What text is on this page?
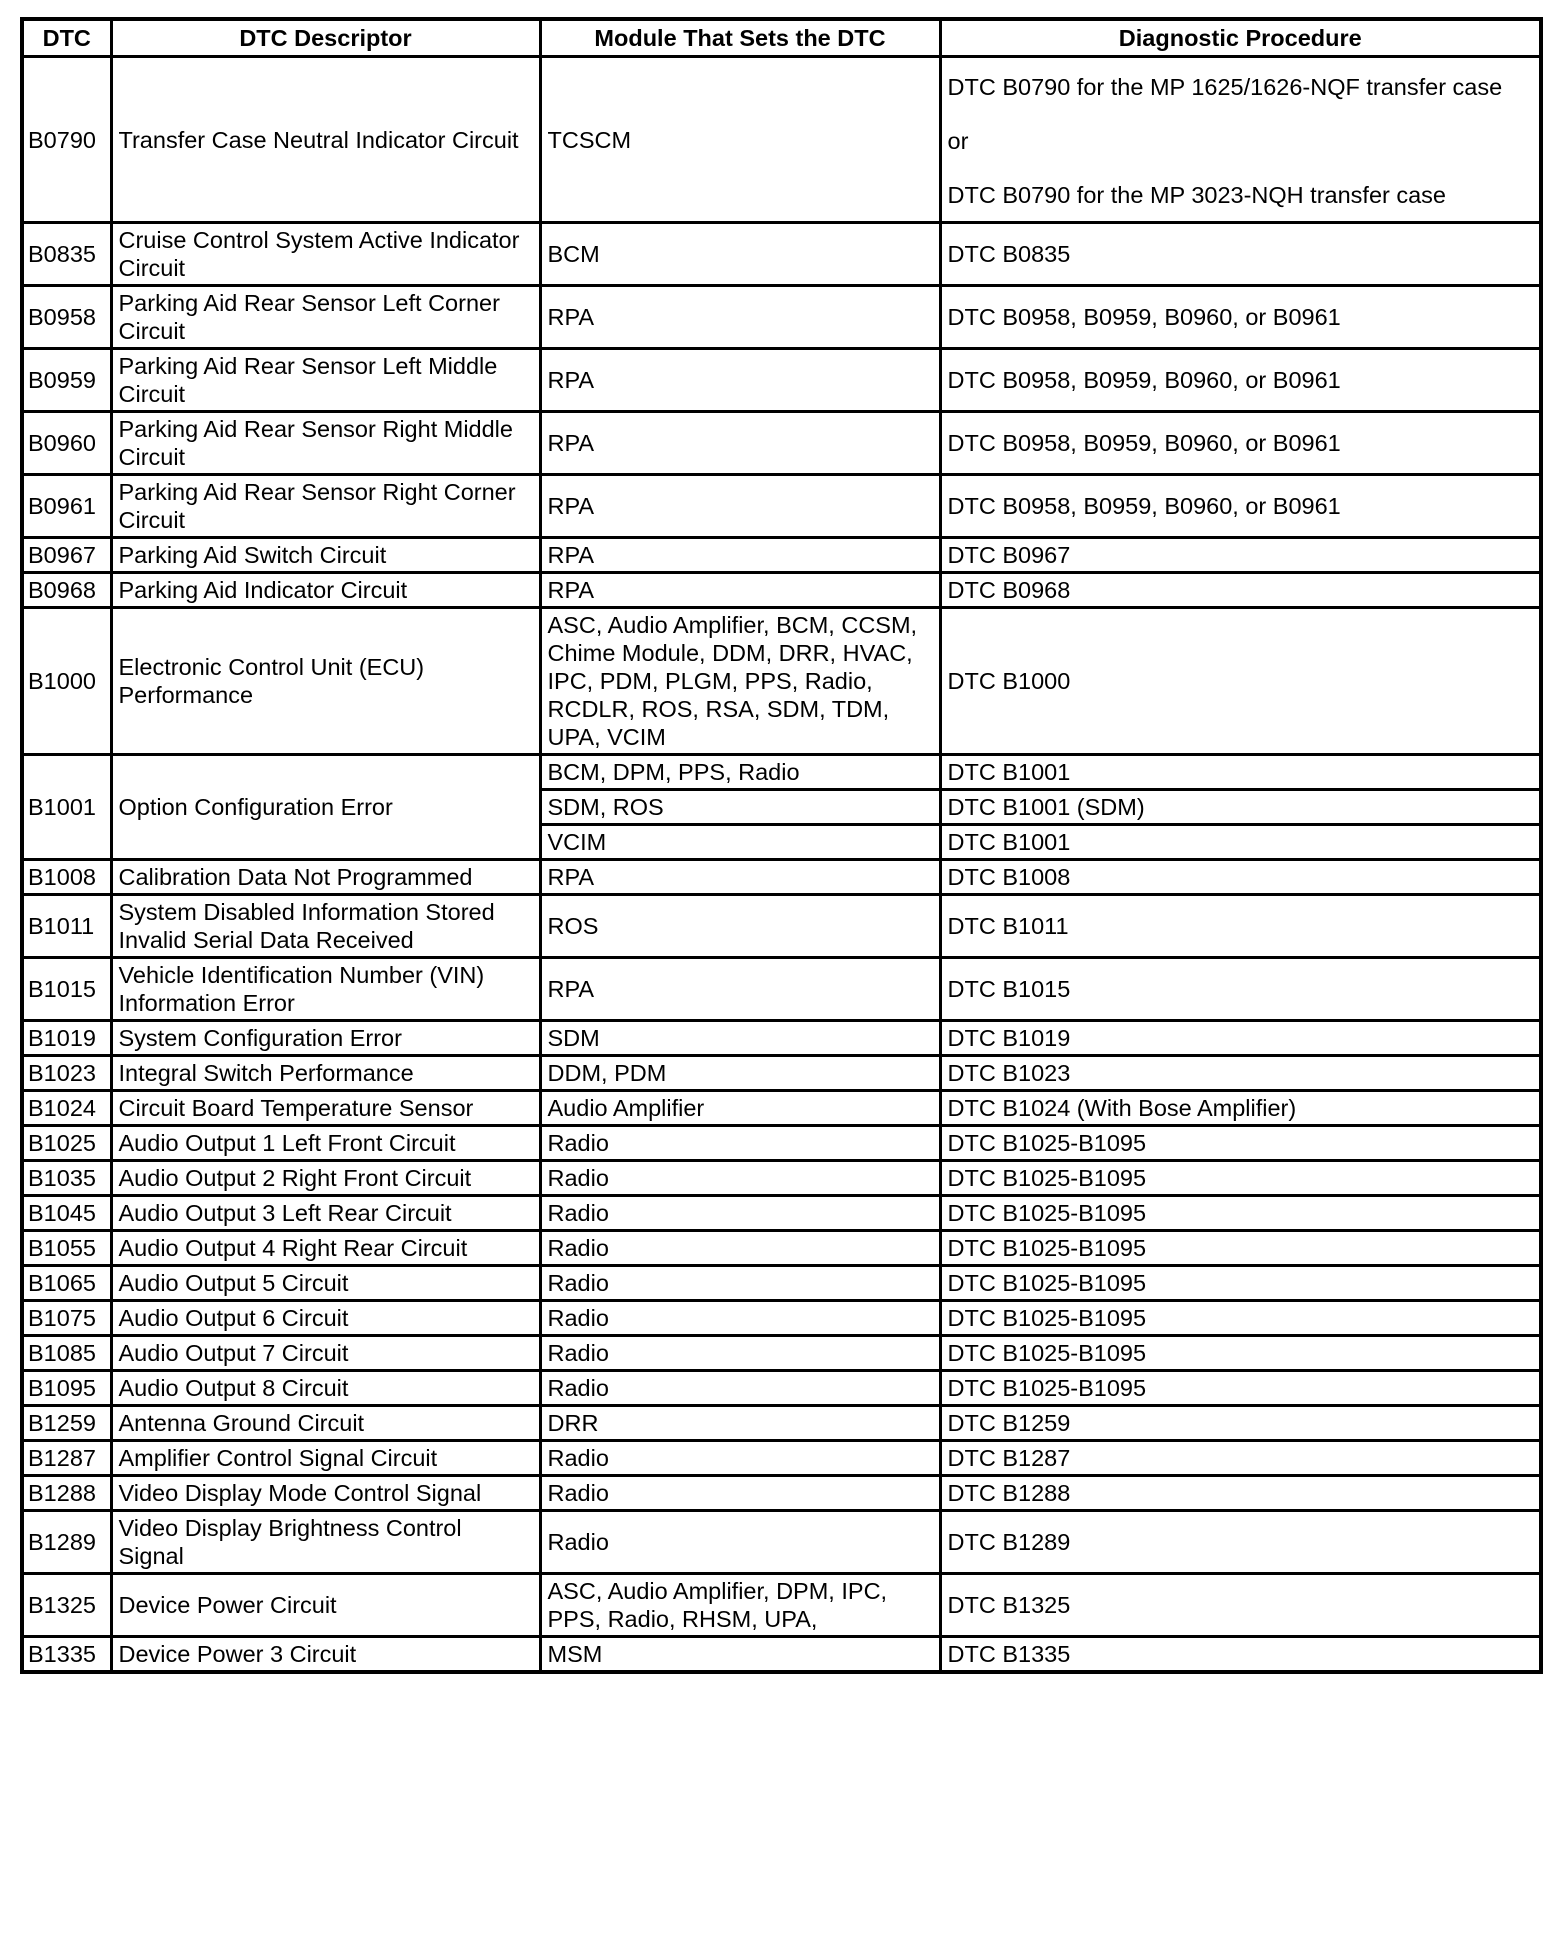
DTC	DTC Descriptor	Module That Sets the DTC	Diagnostic Procedure
B0790	Transfer Case Neutral Indicator Circuit	TCSCM	DTC B0790 for the MP 1625/1626-NQF transfer case
or
DTC B0790 for the MP 3023-NQH transfer case

B0835	Cruise Control System Active Indicator Circuit	BCM	DTC B0835
B0958	Parking Aid Rear Sensor Left Corner Circuit	RPA	DTC B0958, B0959, B0960, or B0961
B0959	Parking Aid Rear Sensor Left Middle Circuit	RPA	DTC B0958, B0959, B0960, or B0961
B0960	Parking Aid Rear Sensor Right Middle Circuit	RPA	DTC B0958, B0959, B0960, or B0961
B0961	Parking Aid Rear Sensor Right Corner Circuit	RPA	DTC B0958, B0959, B0960, or B0961
B0967	Parking Aid Switch Circuit	RPA	DTC B0967
B0968	Parking Aid Indicator Circuit	RPA	DTC B0968
B1000	Electronic Control Unit (ECU) Performance	ASC, Audio Amplifier, BCM, CCSM, Chime Module, DDM, DRR, HVAC, IPC, PDM, PLGM, PPS, Radio, RCDLR, ROS, RSA, SDM, TDM, UPA, VCIM	DTC B1000
B1001	Option Configuration Error	BCM, DPM, PPS, Radio	DTC B1001
		SDM, ROS	DTC B1001 (SDM)
		VCIM	DTC B1001
B1008	Calibration Data Not Programmed	RPA	DTC B1008
B1011	System Disabled Information Stored Invalid Serial Data Received	ROS	DTC B1011
B1015	Vehicle Identification Number (VIN) Information Error	RPA	DTC B1015
B1019	System Configuration Error	SDM	DTC B1019
B1023	Integral Switch Performance	DDM, PDM	DTC B1023
B1024	Circuit Board Temperature Sensor	Audio Amplifier	DTC B1024 (With Bose Amplifier)
B1025	Audio Output 1 Left Front Circuit	Radio	DTC B1025-B1095
B1035	Audio Output 2 Right Front Circuit	Radio	DTC B1025-B1095
B1045	Audio Output 3 Left Rear Circuit	Radio	DTC B1025-B1095
B1055	Audio Output 4 Right Rear Circuit	Radio	DTC B1025-B1095
B1065	Audio Output 5 Circuit	Radio	DTC B1025-B1095
B1075	Audio Output 6 Circuit	Radio	DTC B1025-B1095
B1085	Audio Output 7 Circuit	Radio	DTC B1025-B1095
B1095	Audio Output 8 Circuit	Radio	DTC B1025-B1095
B1259	Antenna Ground Circuit	DRR	DTC B1259
B1287	Amplifier Control Signal Circuit	Radio	DTC B1287
B1288	Video Display Mode Control Signal	Radio	DTC B1288
B1289	Video Display Brightness Control Signal	Radio	DTC B1289
B1325	Device Power Circuit	ASC, Audio Amplifier, DPM, IPC, PPS, Radio, RHSM, UPA,	DTC B1325
B1335	Device Power 3 Circuit	MSM	DTC B1335
